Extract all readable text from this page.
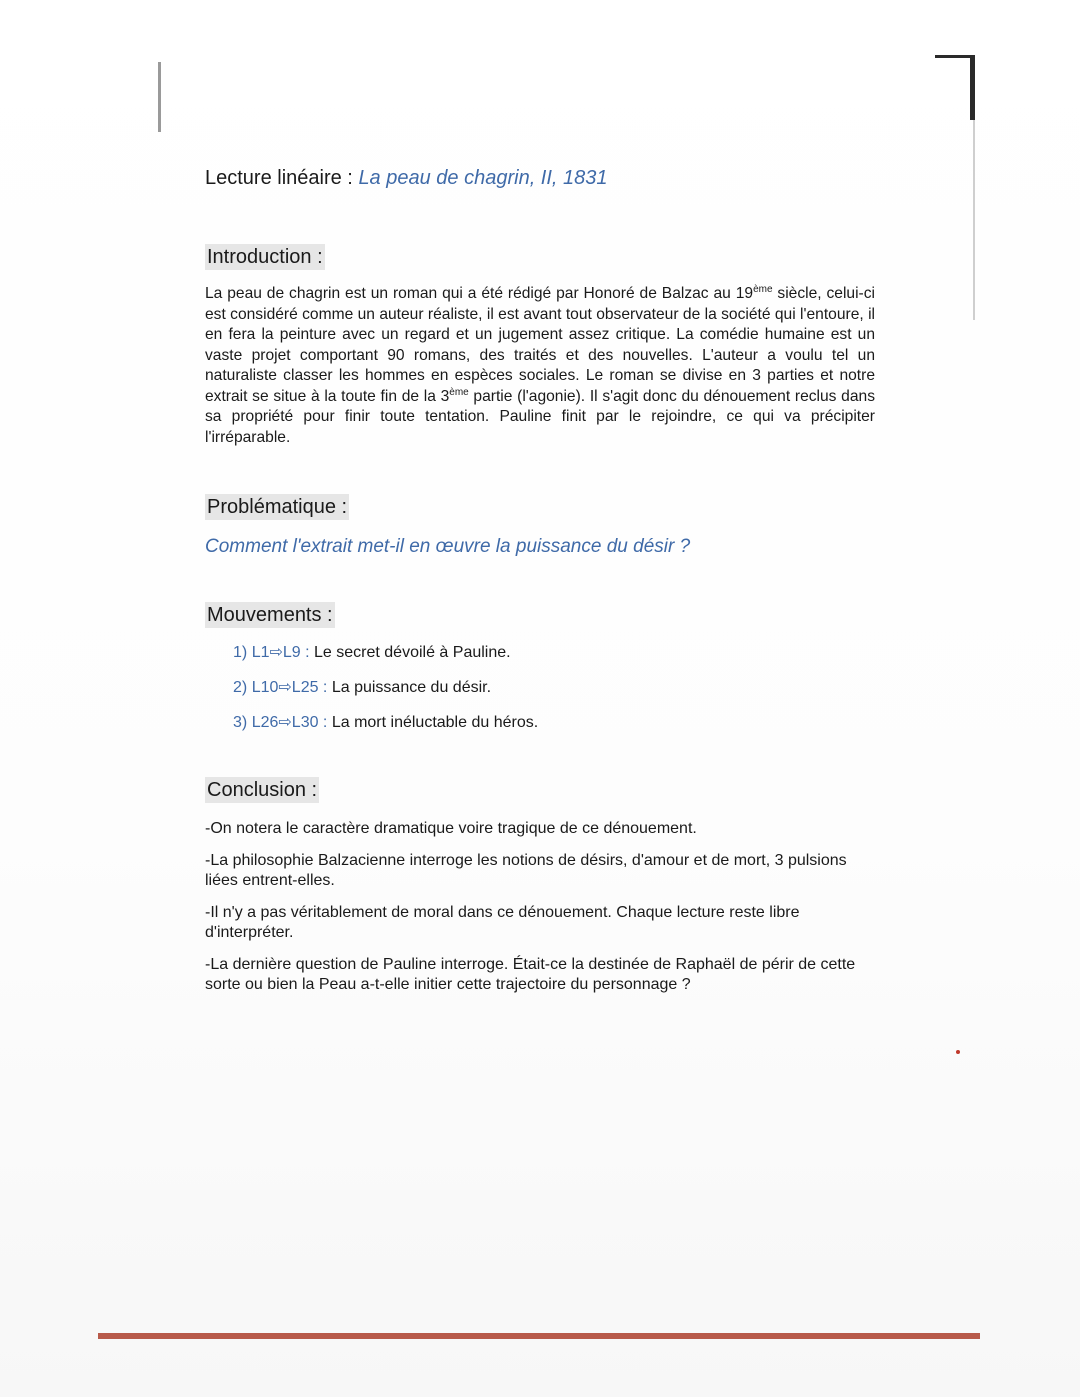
Lecture linéaire : La peau de chagrin, II, 1831

Introduction :

La peau de chagrin est un roman qui a été rédigé par Honoré de Balzac au 19ème siècle, celui-ci est considéré comme un auteur réaliste, il est avant tout observateur de la société qui l'entoure, il en fera la peinture avec un regard et un jugement assez critique. La comédie humaine est un vaste projet comportant 90 romans, des traités et des nouvelles. L'auteur a voulu tel un naturaliste classer les hommes en espèces sociales. Le roman se divise en 3 parties et notre extrait se situe à la toute fin de la 3ème partie (l'agonie). Il s'agit donc du dénouement reclus dans sa propriété pour finir toute tentation. Pauline finit par le rejoindre, ce qui va précipiter l'irréparable.

Problématique :

Comment l'extrait met-il en œuvre la puissance du désir ?

Mouvements :
1) L1⇨L9 : Le secret dévoilé à Pauline.
2) L10⇨L25 : La puissance du désir.
3) L26⇨L30 : La mort inéluctable du héros.
Conclusion :

-On notera le caractère dramatique voire tragique de ce dénouement.

-La philosophie Balzacienne interroge les notions de désirs, d'amour et de mort, 3 pulsions liées entrent-elles.

-Il n'y a pas véritablement de moral dans ce dénouement. Chaque lecture reste libre d'interpréter.

-La dernière question de Pauline interroge. Était-ce la destinée de Raphaël de périr de cette sorte ou bien la Peau a-t-elle initier cette trajectoire du personnage ?
